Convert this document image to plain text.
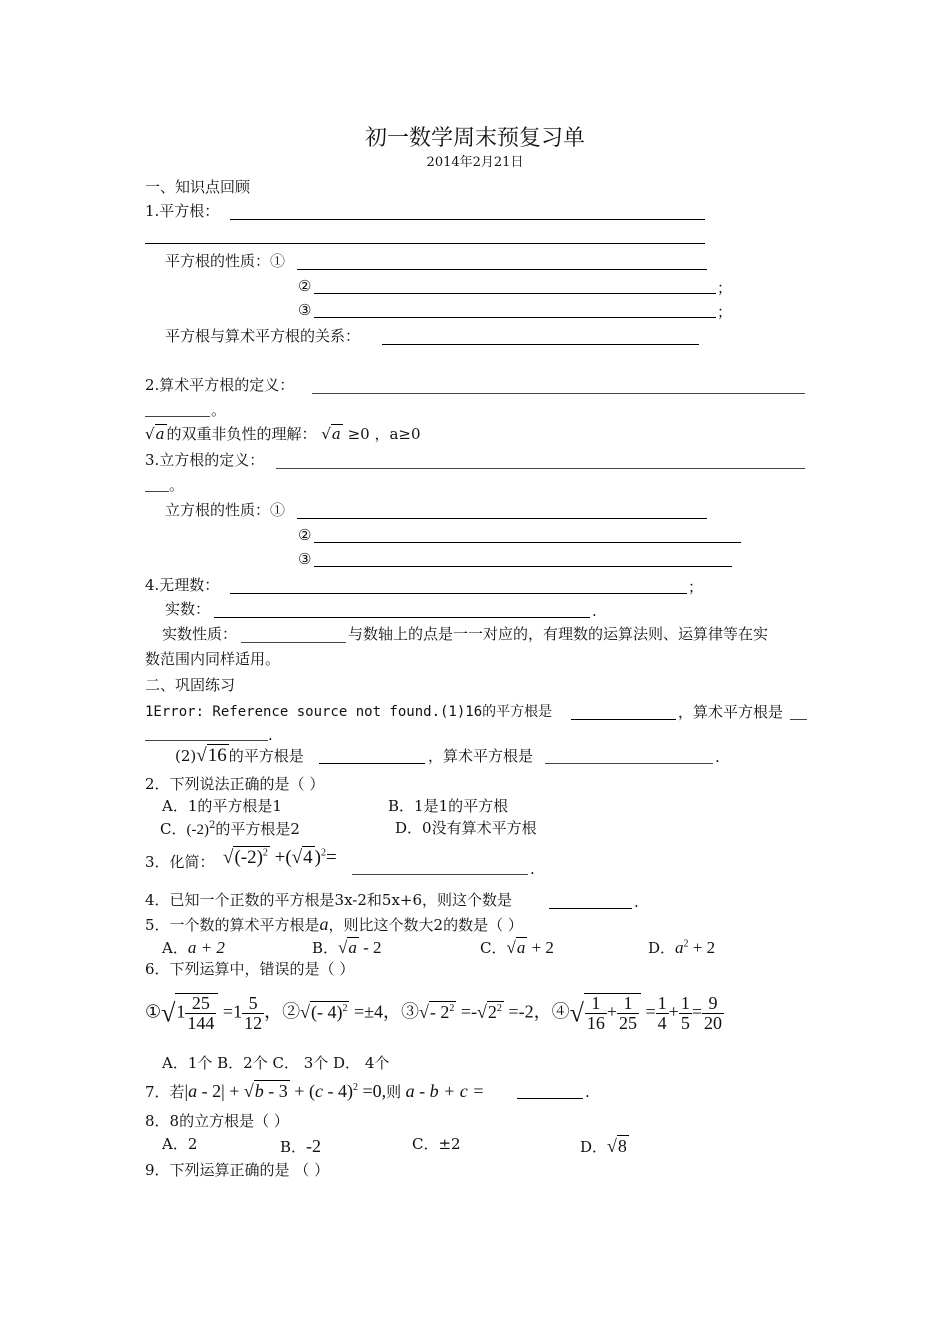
初一数学周末预复习单
2014年2月21日
一、知识点回顾
1.平方根：
平方根的性质：①
②	；
③	；
平方根与算术平方根的关系：
2.算术平方根的定义：
。
√a 的双重非负性的理解： √a ≥0 ，a≥0
3.立方根的定义：
。
立方根的性质：①
②
③
4.无理数：	；
实数：	.
实数性质：	与数轴上的点是一一对应的，有理数的运算法则、运算律等在实
数范围内同样适用。
二、巩固练习
1Error: Reference source not found.(1)16的平方根是	，算术平方根是
.
(2)√16 的平方根是	，算术平方根是	.
2．下列说法正确的是（ ）
A．1的平方根是1	B．1是1的平方根
C．$(-2)^2$的平方根是2	D．0没有算术平方根
3．化简： $√(-2)^2 +(√4$ )$^2$=
.
4．已知一个正数的平方根是3x-2和5x+6，则这个数是	.
5．一个数的算术平方根是a，则比这个数大2的数是（ ）
A．a + 2	B．√a - 2	C．√a + 2	D．$a^2 + 2$
6．下列运算中，错误的是（ ）
①√1 $\frac{25}{144} =1 \frac{5}{12}$ ，②√(- 4)$^2$ =±4，③√- $2^2 =-√2^2 =-2$，④√ $\frac{1}{16} + \frac{1}{25} = \frac{1}{4} + \frac{1}{5} = \frac{9}{20}$
A．1个 B．2个 C． 3个 D． 4个
7．若|a - 2| + √b - 3 + (c - 4)$^2$ =0,则 a - b + c =	.
8．8的立方根是（ ）
A．2	B．-2	C．±2	D．√8
9．下列运算正确的是 （ ）
